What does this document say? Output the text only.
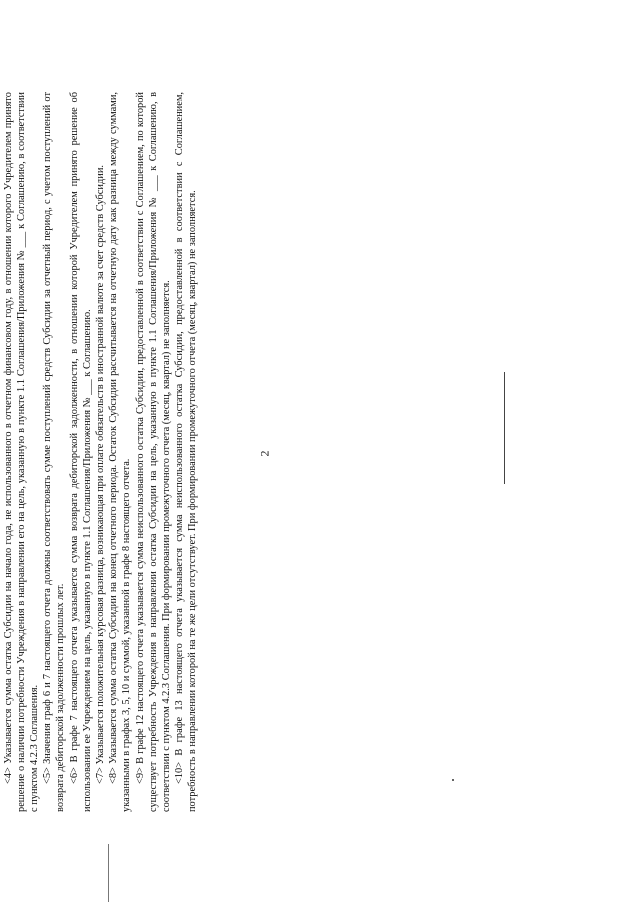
<4> Указывается сумма остатка Субсидии на начало года, не использованного в отчетном финансовом году, в отношении которого Учредителем принято решение о наличии потребности Учреждения в направлении его на цель, указанную в пункте 1.1 Соглашения/Приложения № ___ к Соглашению, в соответствии с пунктом 4.2.3 Соглашения. <5> Значения граф 6 и 7 настоящего отчета должны соответствовать сумме поступлений средств Субсидии за отчетный период, с учетом поступлений от возврата дебиторской задолженности прошлых лет. <6> В графе 7 настоящего отчета указывается сумма возврата дебиторской задолженности, в отношении которой Учредителем принято решение об использовании ее Учреждением на цель, указанную в пункте 1.1 Соглашения/Приложения № ___ к Соглашению. <7> Указывается положительная курсовая разница, возникающая при оплате обязательств в иностранной валюте за счет средств Субсидии. <8> Указывается сумма остатка Субсидии на конец отчетного периода. Остаток Субсидии рассчитывается на отчетную дату как разница между суммами, указанными в графах 3, 5, 10 и суммой, указанной в графе 8 настоящего отчета. <9> В графе 12 настоящего отчета указывается сумма неиспользованного остатка Субсидии, предоставленной в соответствии с Соглашением, по которой существует потребность Учреждения в направлении остатка Субсидии на цель, указанную в пункте 1.1 Соглашения/Приложения № ___ к Соглашению, в соответствии с пунктом 4.2.3 Соглашения. При формировании промежуточного отчета (месяц, квартал) не заполняется. <10> В графе 13 настоящего отчета указывается сумма неиспользованного остатка Субсидии, предоставленной в соответствии с Соглашением, потребность в направлении которой на те же цели отсутствует. При формировании промежуточного отчета (месяц, квартал) не заполняется.	2
